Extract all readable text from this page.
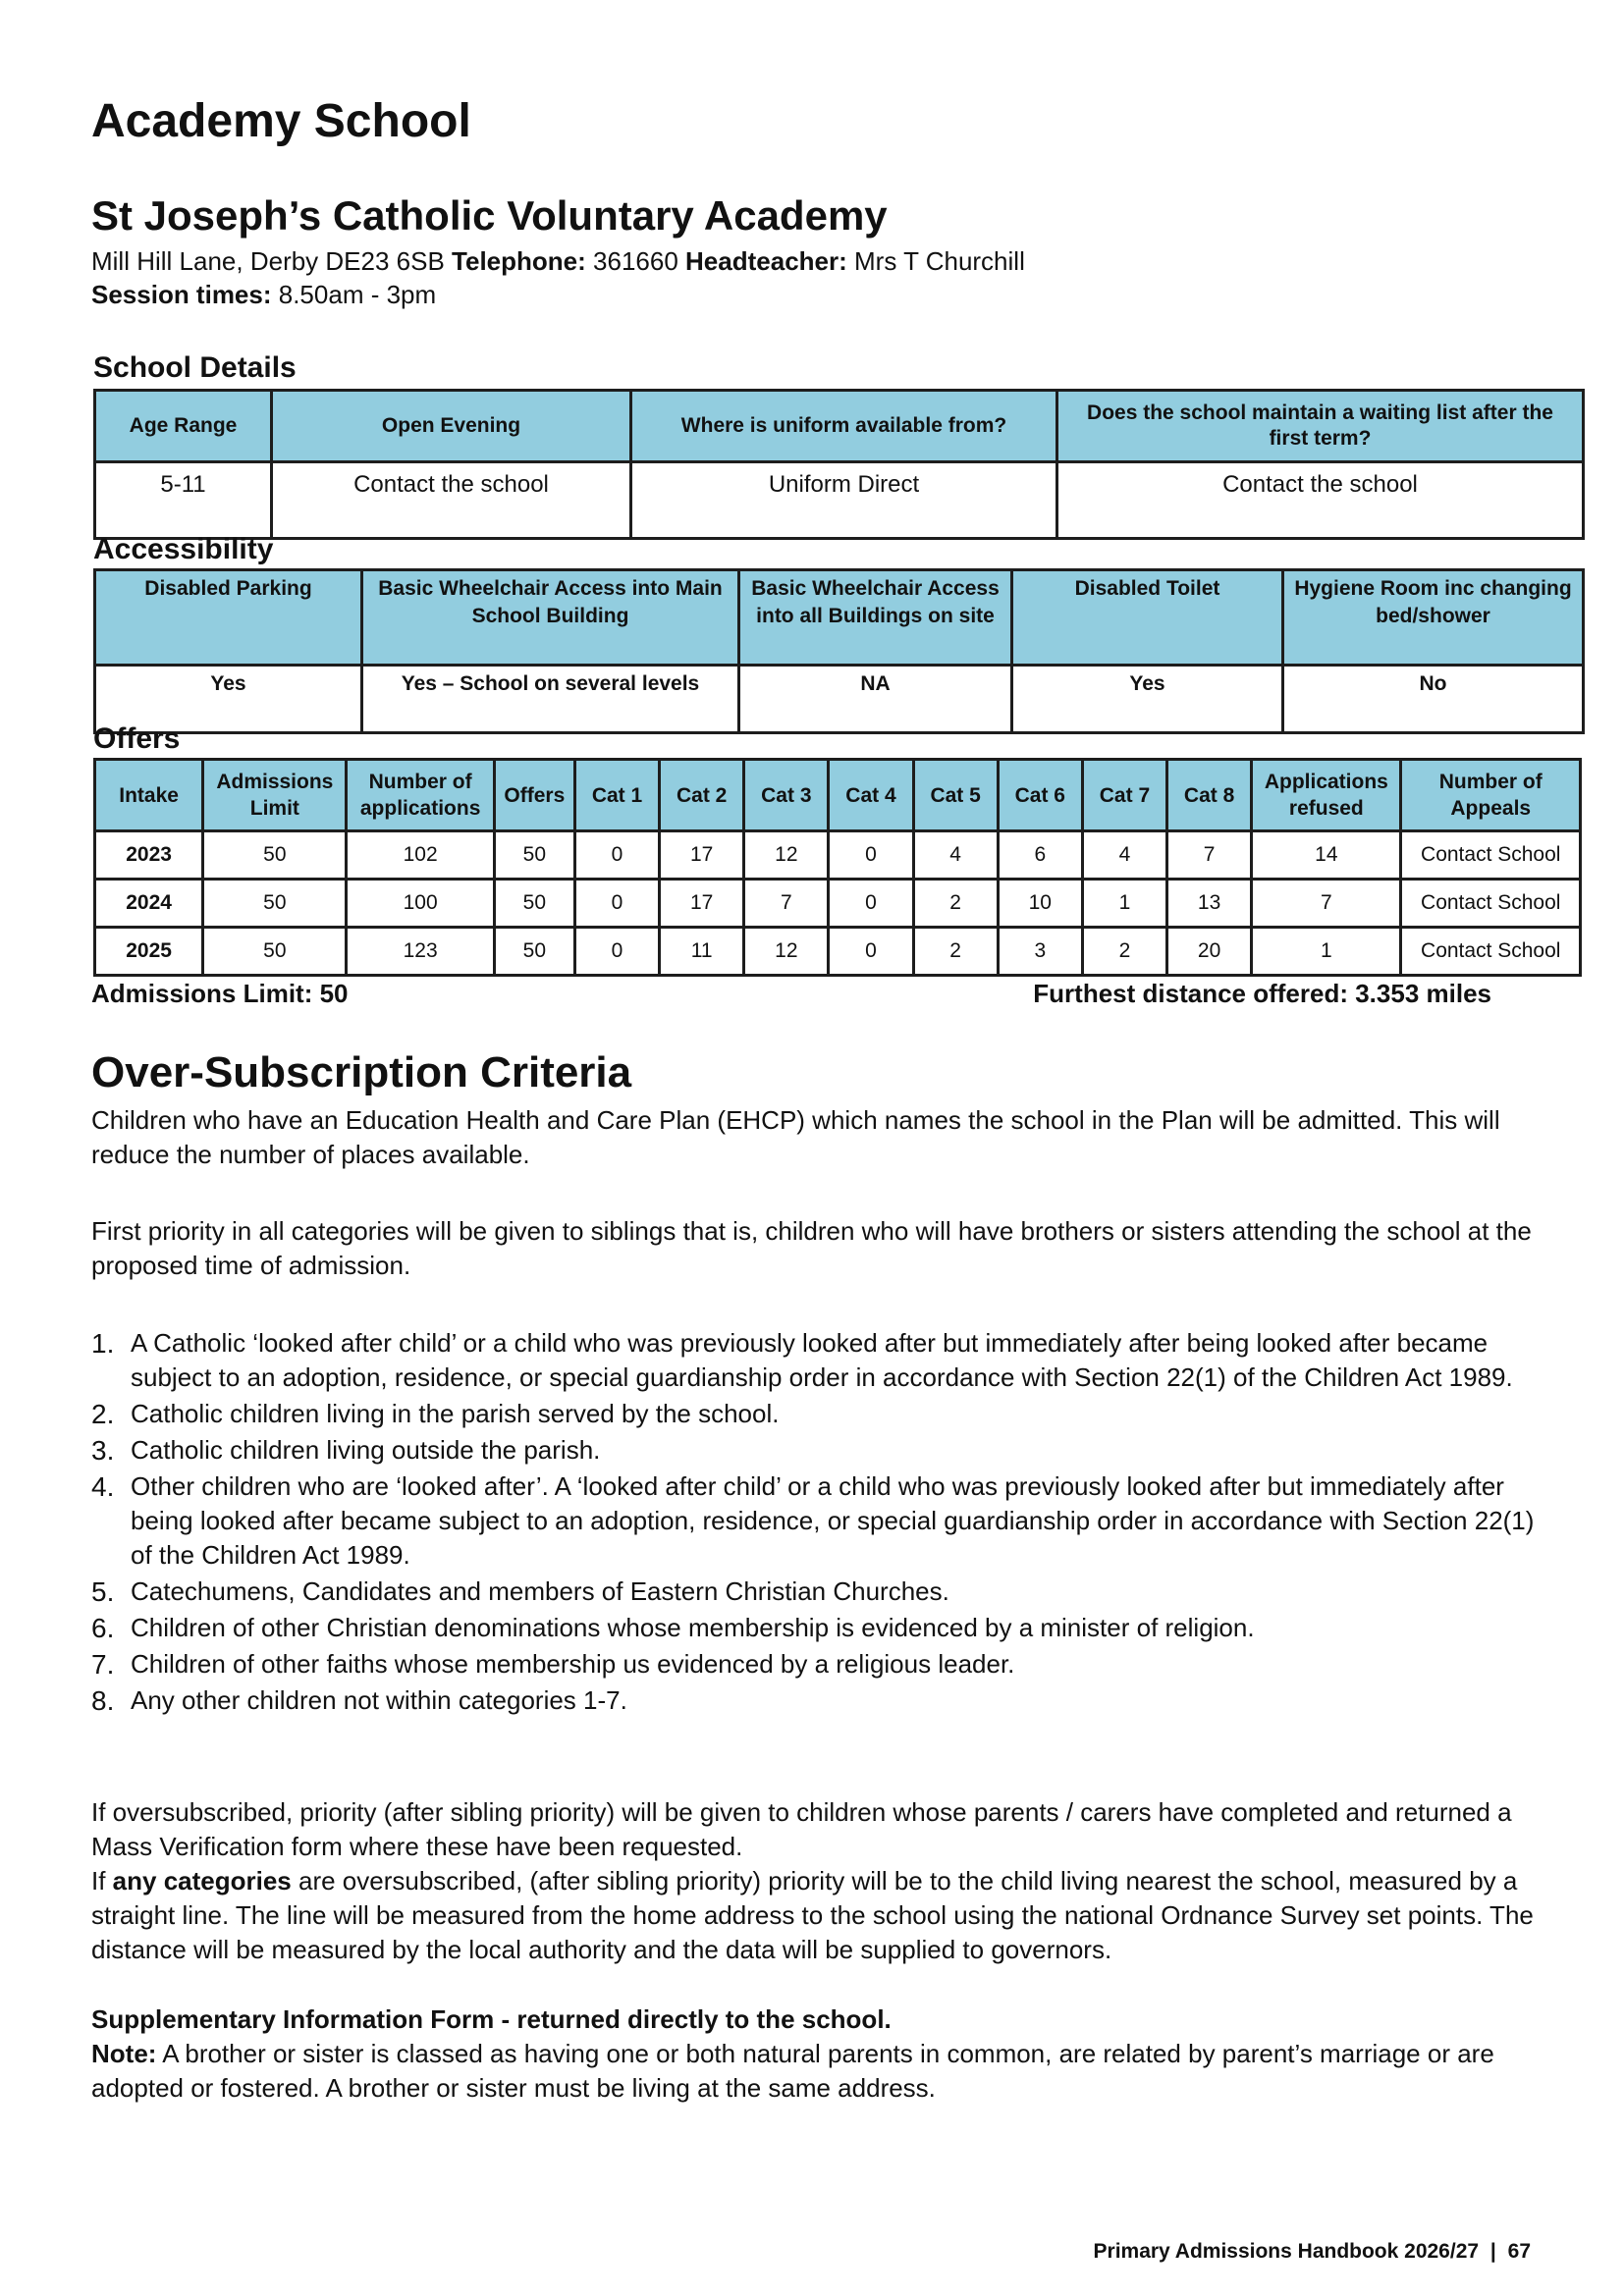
Academy School
St Joseph’s Catholic Voluntary Academy
Mill Hill Lane, Derby DE23 6SB Telephone: 361660 Headteacher: Mrs T Churchill
Session times: 8.50am - 3pm
School Details
Age Range	Open Evening	Where is uniform available from?	Does the school maintain a waiting list after the first term?
5-11	Contact the school	Uniform Direct	Contact the school
Accessibility
Disabled Parking	Basic Wheelchair Access into Main School Building	Basic Wheelchair Access into all Buildings on site	Disabled Toilet	Hygiene Room inc changing bed/shower
Yes	Yes – School on several levels	NA	Yes	No
Offers
Intake	Admissions Limit	Number of applications	Offers	Cat 1	Cat 2	Cat 3	Cat 4	Cat 5	Cat 6	Cat 7	Cat 8	Applications refused	Number of Appeals
2023	50	102	50	0	17	12	0	4	6	4	7	14	Contact School
2024	50	100	50	0	17	7	0	2	10	1	13	7	Contact School
2025	50	123	50	0	11	12	0	2	3	2	20	1	Contact School
Admissions Limit: 50	Furthest distance offered: 3.353 miles
Over-Subscription Criteria
Children who have an Education Health and Care Plan (EHCP) which names the school in the Plan will be admitted. This will reduce the number of places available.
First priority in all categories will be given to siblings that is, children who will have brothers or sisters attending the school at the proposed time of admission.
1. A Catholic ‘looked after child’ or a child who was previously looked after but immediately after being looked after became subject to an adoption, residence, or special guardianship order in accordance with Section 22(1) of the Children Act 1989.
2. Catholic children living in the parish served by the school.
3. Catholic children living outside the parish.
4. Other children who are ‘looked after’. A ‘looked after child’ or a child who was previously looked after but immediately after being looked after became subject to an adoption, residence, or special guardianship order in accordance with Section 22(1) of the Children Act 1989.
5. Catechumens, Candidates and members of Eastern Christian Churches.
6. Children of other Christian denominations whose membership is evidenced by a minister of religion.
7. Children of other faiths whose membership us evidenced by a religious leader.
8. Any other children not within categories 1-7.
If oversubscribed, priority (after sibling priority) will be given to children whose parents / carers have completed and returned a Mass Verification form where these have been requested.
If any categories are oversubscribed, (after sibling priority) priority will be to the child living nearest the school, measured by a straight line. The line will be measured from the home address to the school using the national Ordnance Survey set points. The distance will be measured by the local authority and the data will be supplied to governors.
Supplementary Information Form - returned directly to the school.
Note: A brother or sister is classed as having one or both natural parents in common, are related by parent’s marriage or are adopted or fostered. A brother or sister must be living at the same address.
Primary Admissions Handbook 2026/27 | 67
